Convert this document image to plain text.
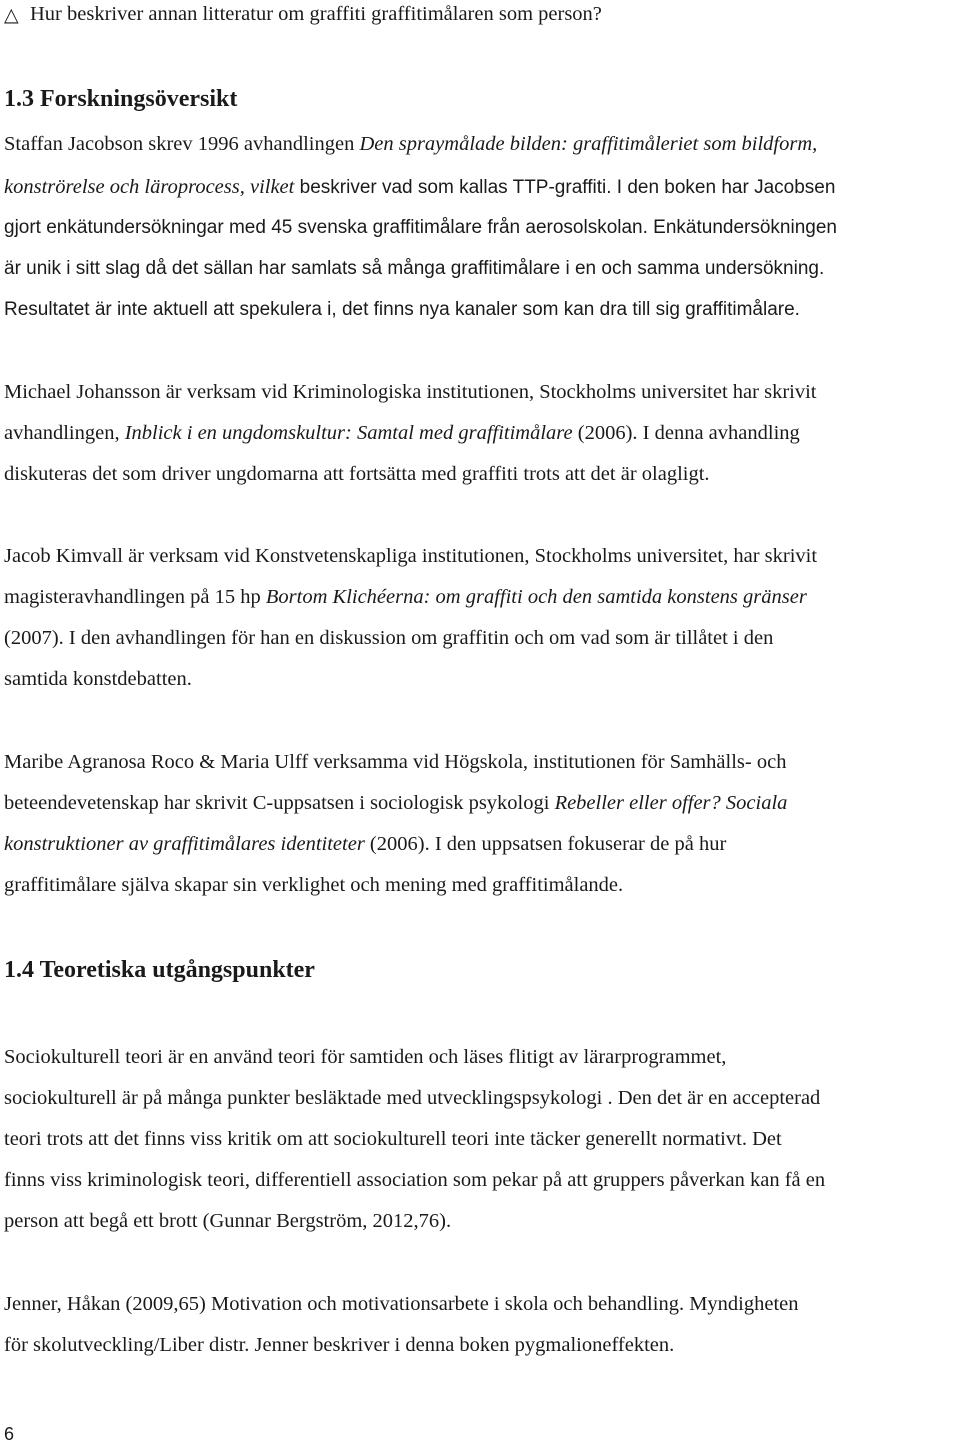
△ Hur beskriver annan litteratur om graffiti graffitimålaren som person?
1.3 Forskningsöversikt
Staffan Jacobson skrev 1996 avhandlingen Den spraymålade bilden: graffitimåleriet som bildform,
konströrelse och läroprocess, vilket beskriver vad som kallas TTP-graffiti. I den boken har Jacobsen
gjort enkätundersökningar med 45 svenska graffitimålare från aerosolskolan. Enkätundersökningen
är unik i sitt slag då det sällan har samlats så många graffitimålare i en och samma undersökning.
Resultatet är inte aktuell att spekulera i, det finns nya kanaler som kan dra till sig graffitimålare.
Michael Johansson är verksam vid Kriminologiska institutionen, Stockholms universitet har skrivit
avhandlingen, Inblick i en ungdomskultur: Samtal med graffitimålare (2006). I denna avhandling
diskuteras det som driver ungdomarna att fortsätta med graffiti trots att det är olagligt.
Jacob Kimvall är verksam vid Konstvetenskapliga institutionen, Stockholms universitet, har skrivit
magisteravhandlingen på 15 hp Bortom Klichéerna: om graffiti och den samtida konstens gränser
(2007). I den avhandlingen för han en diskussion om graffitin och om vad som är tillåtet i den
samtida konstdebatten.
Maribe Agranosa Roco & Maria Ulff verksamma vid Högskola, institutionen för Samhälls- och
beteendevetenskap har skrivit C-uppsatsen i sociologisk psykologi Rebeller eller offer? Sociala
konstruktioner av graffitimålares identiteter (2006). I den uppsatsen fokuserar de på hur
graffitimålare själva skapar sin verklighet och mening med graffitimålande.
1.4 Teoretiska utgångspunkter
Sociokulturell teori är en använd teori för samtiden och läses flitigt av lärarprogrammet,
sociokulturell är på många punkter besläktade med utvecklingspsykologi . Den det är en accepterad
teori trots att det finns viss kritik om att sociokulturell teori inte täcker generellt normativt. Det
finns viss kriminologisk teori, differentiell association som pekar på att gruppers påverkan kan få en
person att begå ett brott (Gunnar Bergström, 2012,76).
Jenner, Håkan (2009,65) Motivation och motivationsarbete i skola och behandling. Myndigheten
för skolutveckling/Liber distr. Jenner beskriver i denna boken pygmalioneffekten.
6
